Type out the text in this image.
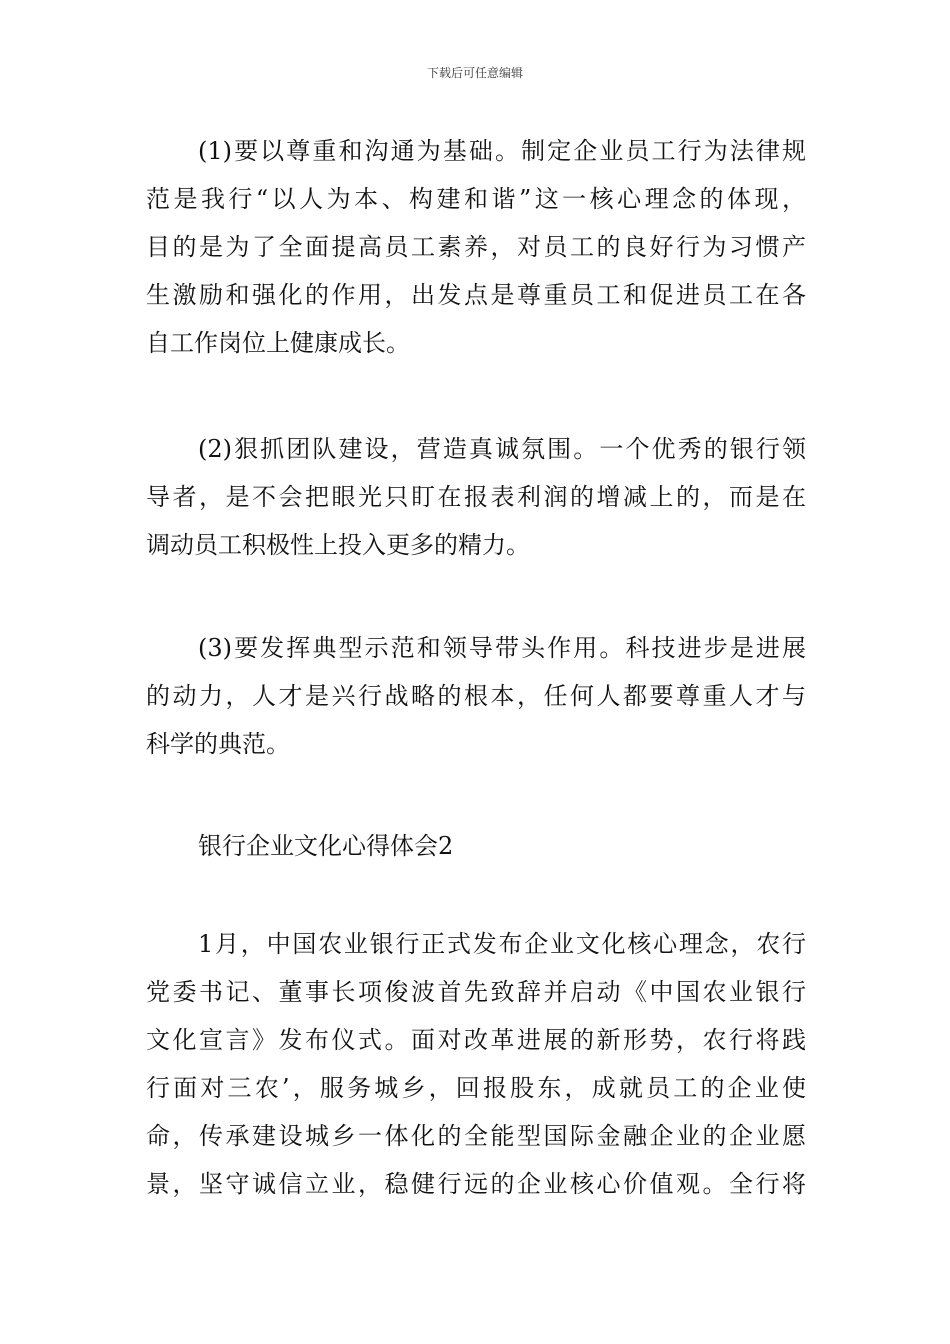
下载后可任意编辑
(1)要以尊重和沟通为基础。制定企业员工行为法律规
范是我行“以人为本、构建和谐”这一核心理念的体现，
目的是为了全面提高员工素养，对员工的良好行为习惯产
生激励和强化的作用，出发点是尊重员工和促进员工在各
自工作岗位上健康成长。
(2)狠抓团队建设，营造真诚氛围。一个优秀的银行领
导者，是不会把眼光只盯在报表利润的增减上的，而是在
调动员工积极性上投入更多的精力。
(3)要发挥典型示范和领导带头作用。科技进步是进展
的动力，人才是兴行战略的根本，任何人都要尊重人才与
科学的典范。
银行企业文化心得体会2
1月，中国农业银行正式发布企业文化核心理念，农行
党委书记、董事长项俊波首先致辞并启动《中国农业银行
文化宣言》发布仪式。面对改革进展的新形势，农行将践
行面对三农’，服务城乡，回报股东，成就员工的企业使
命，传承建设城乡一体化的全能型国际金融企业的企业愿
景，坚守诚信立业，稳健行远的企业核心价值观。全行将
